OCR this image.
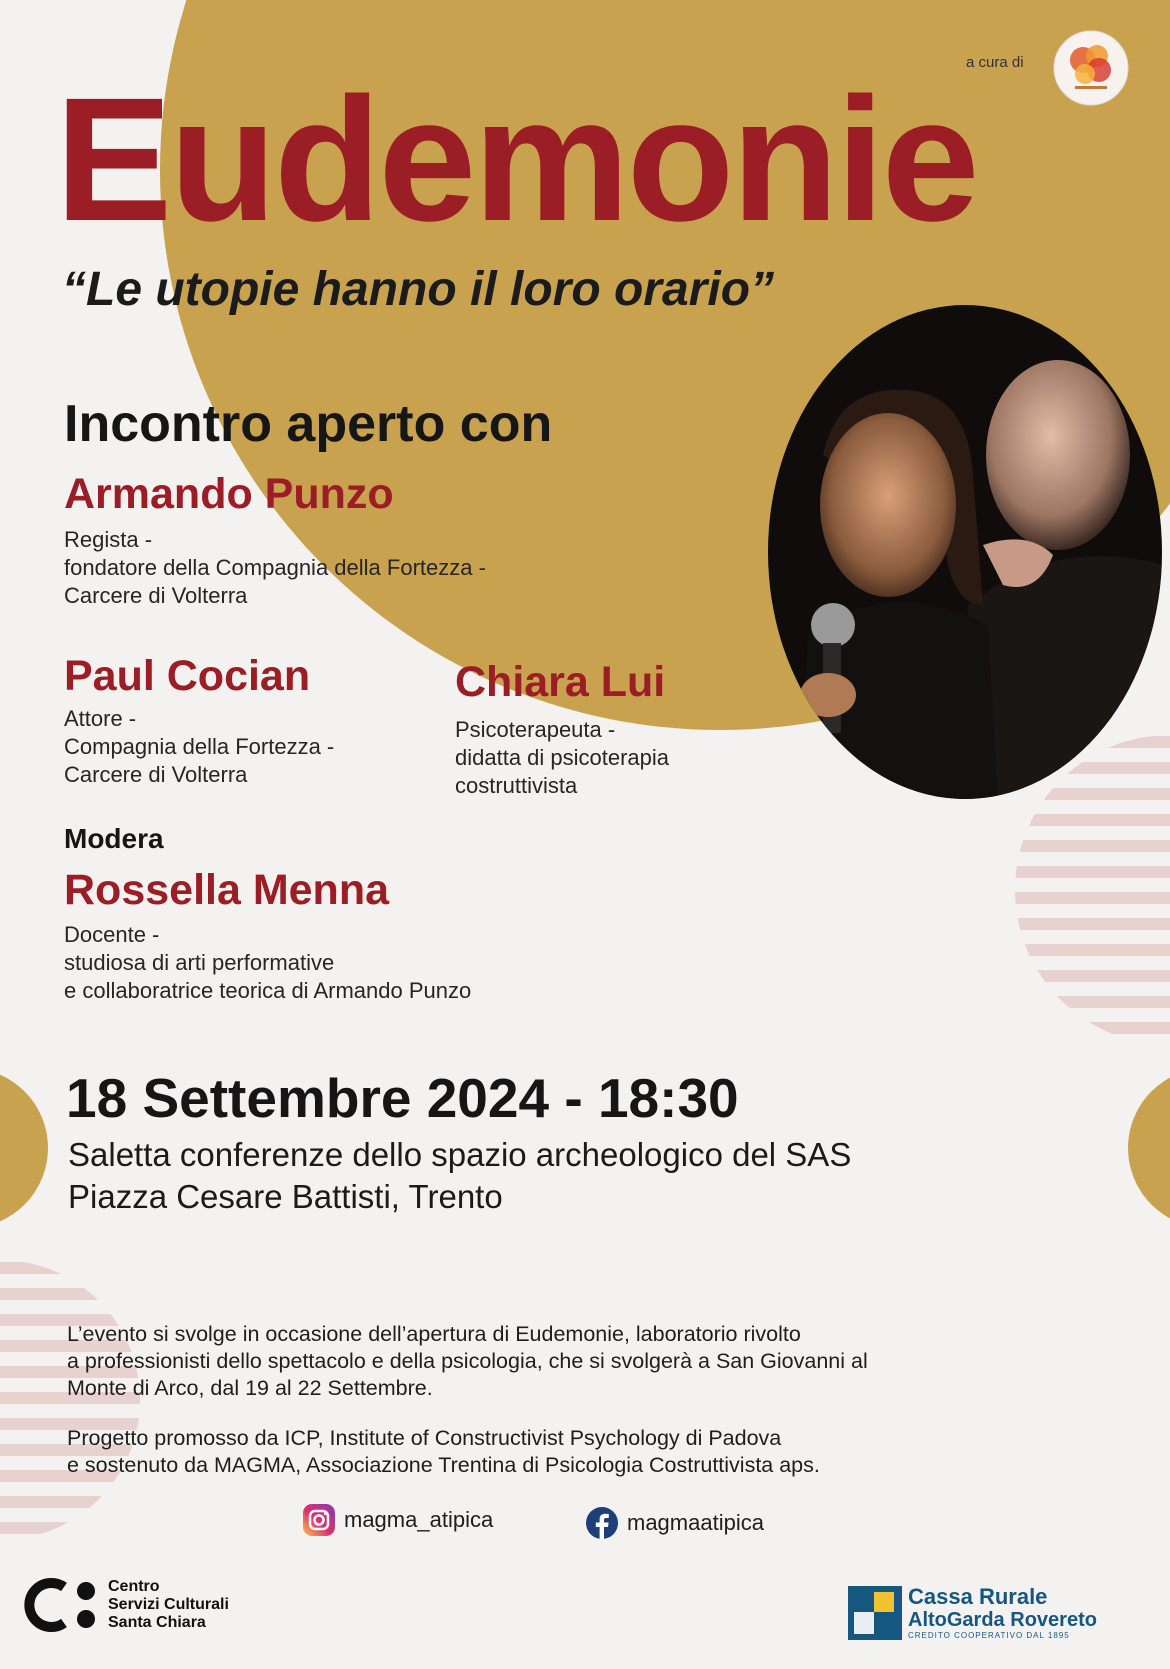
a cura di
Eudemonie
“Le utopie hanno il loro orario”
Incontro aperto con
Armando Punzo
Regista -
fondatore della Compagnia della Fortezza -
Carcere di Volterra
Paul Cocian
Attore -
Compagnia della Fortezza -
Carcere di Volterra
Chiara Lui
Psicoterapeuta -
didatta di psicoterapia
costruttivista
Modera
Rossella Menna
Docente -
studiosa di arti performative
e collaboratrice teorica di Armando Punzo
18 Settembre 2024 - 18:30
Saletta conferenze dello spazio archeologico del SAS
Piazza Cesare Battisti, Trento
L’evento si svolge in occasione dell’apertura di Eudemonie, laboratorio rivolto
a professionisti dello spettacolo e della psicologia, che si svolgerà a San Giovanni al
Monte di Arco, dal 19 al 22 Settembre.
Progetto promosso da ICP, Institute of Constructivist Psychology di Padova
e sostenuto da MAGMA, Associazione Trentina di Psicologia Costruttivista aps.
magma_atipica	magmaatipica
Centro
Servizi Culturali
Santa Chiara
Cassa Rurale
AltoGarda Rovereto
CREDITO COOPERATIVO DAL 1895
